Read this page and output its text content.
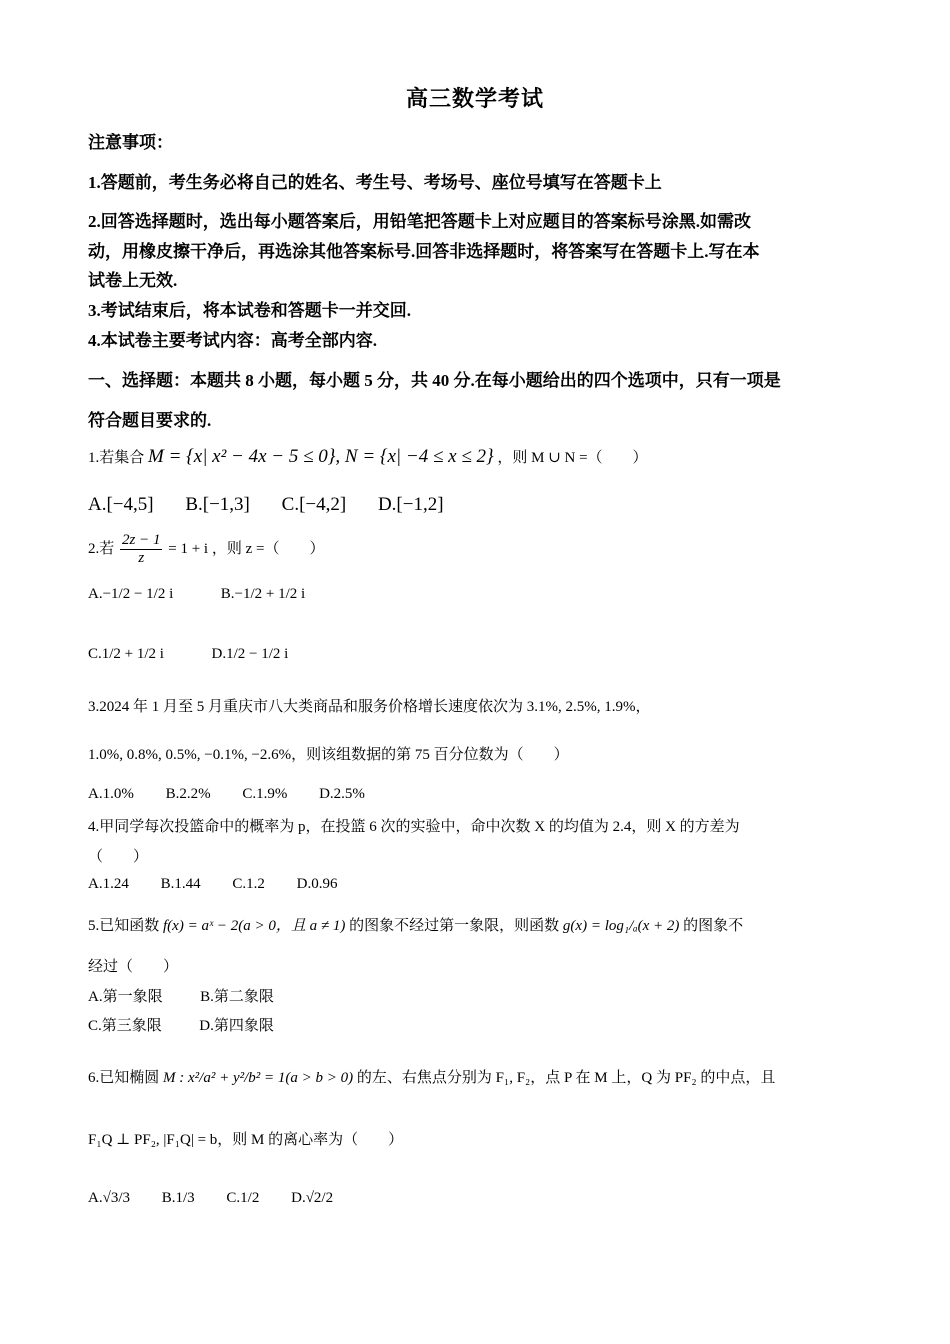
高三数学考试
注意事项：
1.答题前，考生务必将自己的姓名、考生号、考场号、座位号填写在答题卡上
2.回答选择题时，选出每小题答案后，用铅笔把答题卡上对应题目的答案标号涂黑.如需改
动，用橡皮擦干净后，再选涂其他答案标号.回答非选择题时，将答案写在答题卡上.写在本
试卷上无效.
3.考试结束后，将本试卷和答题卡一并交回.
4.本试卷主要考试内容：高考全部内容.
一、选择题：本题共 8 小题，每小题 5 分，共 40 分.在每小题给出的四个选项中，只有一项是
符合题目要求的.
1.若集合 M = {x| x² − 4x − 5 ≤ 0}, N = {x| −4 ≤ x ≤ 2} ，则 M ∪ N =（　　）
A.[−4,5] B.[−1,3] C.[−4,2] D.[−1,2]
2.若 $\frac{2z - 1}{z} = 1 + i$ ，则 z =（　　）
A.−1/2 − 1/2 i	B.−1/2 + 1/2 i
C.1/2 + 1/2 i	D.1/2 − 1/2 i
3.2024 年 1 月至 5 月重庆市八大类商品和服务价格增长速度依次为 3.1%, 2.5%, 1.9%，
1.0%, 0.8%, 0.5%, −0.1%, −2.6%，则该组数据的第 75 百分位数为（　　）
A.1.0% B.2.2% C.1.9% D.2.5%
4.甲同学每次投篮命中的概率为 p，在投篮 6 次的实验中，命中次数 X 的均值为 2.4，则 X 的方差为
（　　）
A.1.24 B.1.44 C.1.2 D.0.96
5.已知函数 f(x) = aˣ − 2(a > 0，且 a ≠ 1) 的图象不经过第一象限，则函数 g(x) = log₁/ₐ(x + 2) 的图象不
经过（　　）
A.第一象限	B.第二象限
C.第三象限	D.第四象限
6.已知椭圆 M : x²/a² + y²/b² = 1(a > b > 0) 的左、右焦点分别为 F₁, F₂，点 P 在 M 上，Q 为 PF₂ 的中点，且
F₁Q ⊥ PF₂, |F₁Q| = b，则 M 的离心率为（　　）
A.√3/3 B.1/3 C.1/2 D.√2/2
